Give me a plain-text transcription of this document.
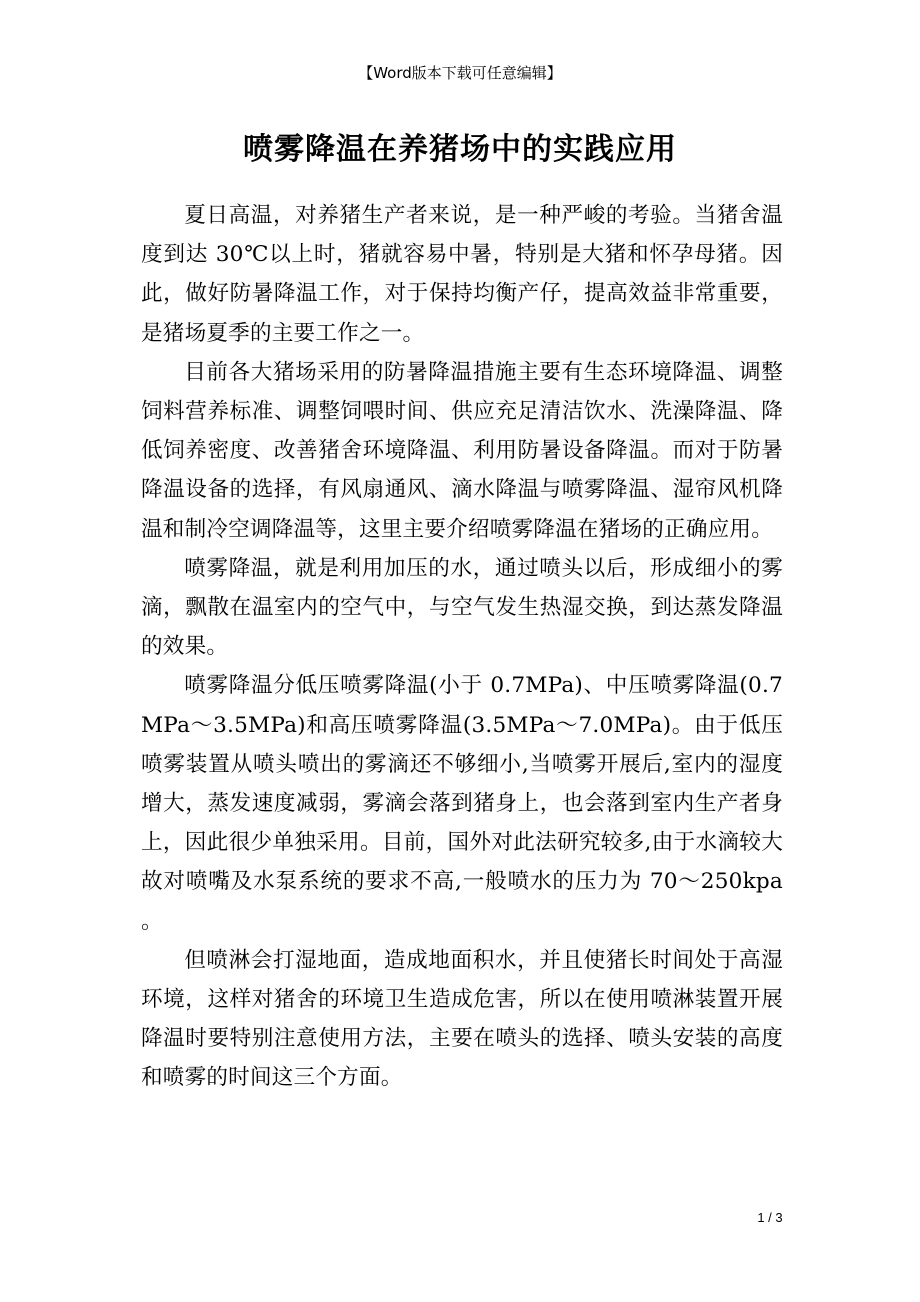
【Word版本下载可任意编辑】
喷雾降温在养猪场中的实践应用

夏日高温，对养猪生产者来说，是一种严峻的考验。当猪舍温度到达 30℃以上时，猪就容易中暑，特别是大猪和怀孕母猪。因此，做好防暑降温工作，对于保持均衡产仔，提高效益非常重要，是猪场夏季的主要工作之一。

目前各大猪场采用的防暑降温措施主要有生态环境降温、调整饲料营养标准、调整饲喂时间、供应充足清洁饮水、洗澡降温、降低饲养密度、改善猪舍环境降温、利用防暑设备降温。而对于防暑降温设备的选择，有风扇通风、滴水降温与喷雾降温、湿帘风机降温和制冷空调降温等，这里主要介绍喷雾降温在猪场的正确应用。

喷雾降温，就是利用加压的水，通过喷头以后，形成细小的雾滴，飘散在温室内的空气中，与空气发生热湿交换，到达蒸发降温的效果。

喷雾降温分低压喷雾降温(小于 0.7MPa)、中压喷雾降温(0.7MPa～3.5MPa)和高压喷雾降温(3.5MPa～7.0MPa)。由于低压喷雾装置从喷头喷出的雾滴还不够细小,当喷雾开展后,室内的湿度增大，蒸发速度减弱，雾滴会落到猪身上，也会落到室内生产者身上，因此很少单独采用。目前，国外对此法研究较多,由于水滴较大故对喷嘴及水泵系统的要求不高,一般喷水的压力为 70～250kpa 。

但喷淋会打湿地面，造成地面积水，并且使猪长时间处于高湿环境，这样对猪舍的环境卫生造成危害，所以在使用喷淋装置开展降温时要特别注意使用方法，主要在喷头的选择、喷头安装的高度和喷雾的时间这三个方面。

1 / 3
